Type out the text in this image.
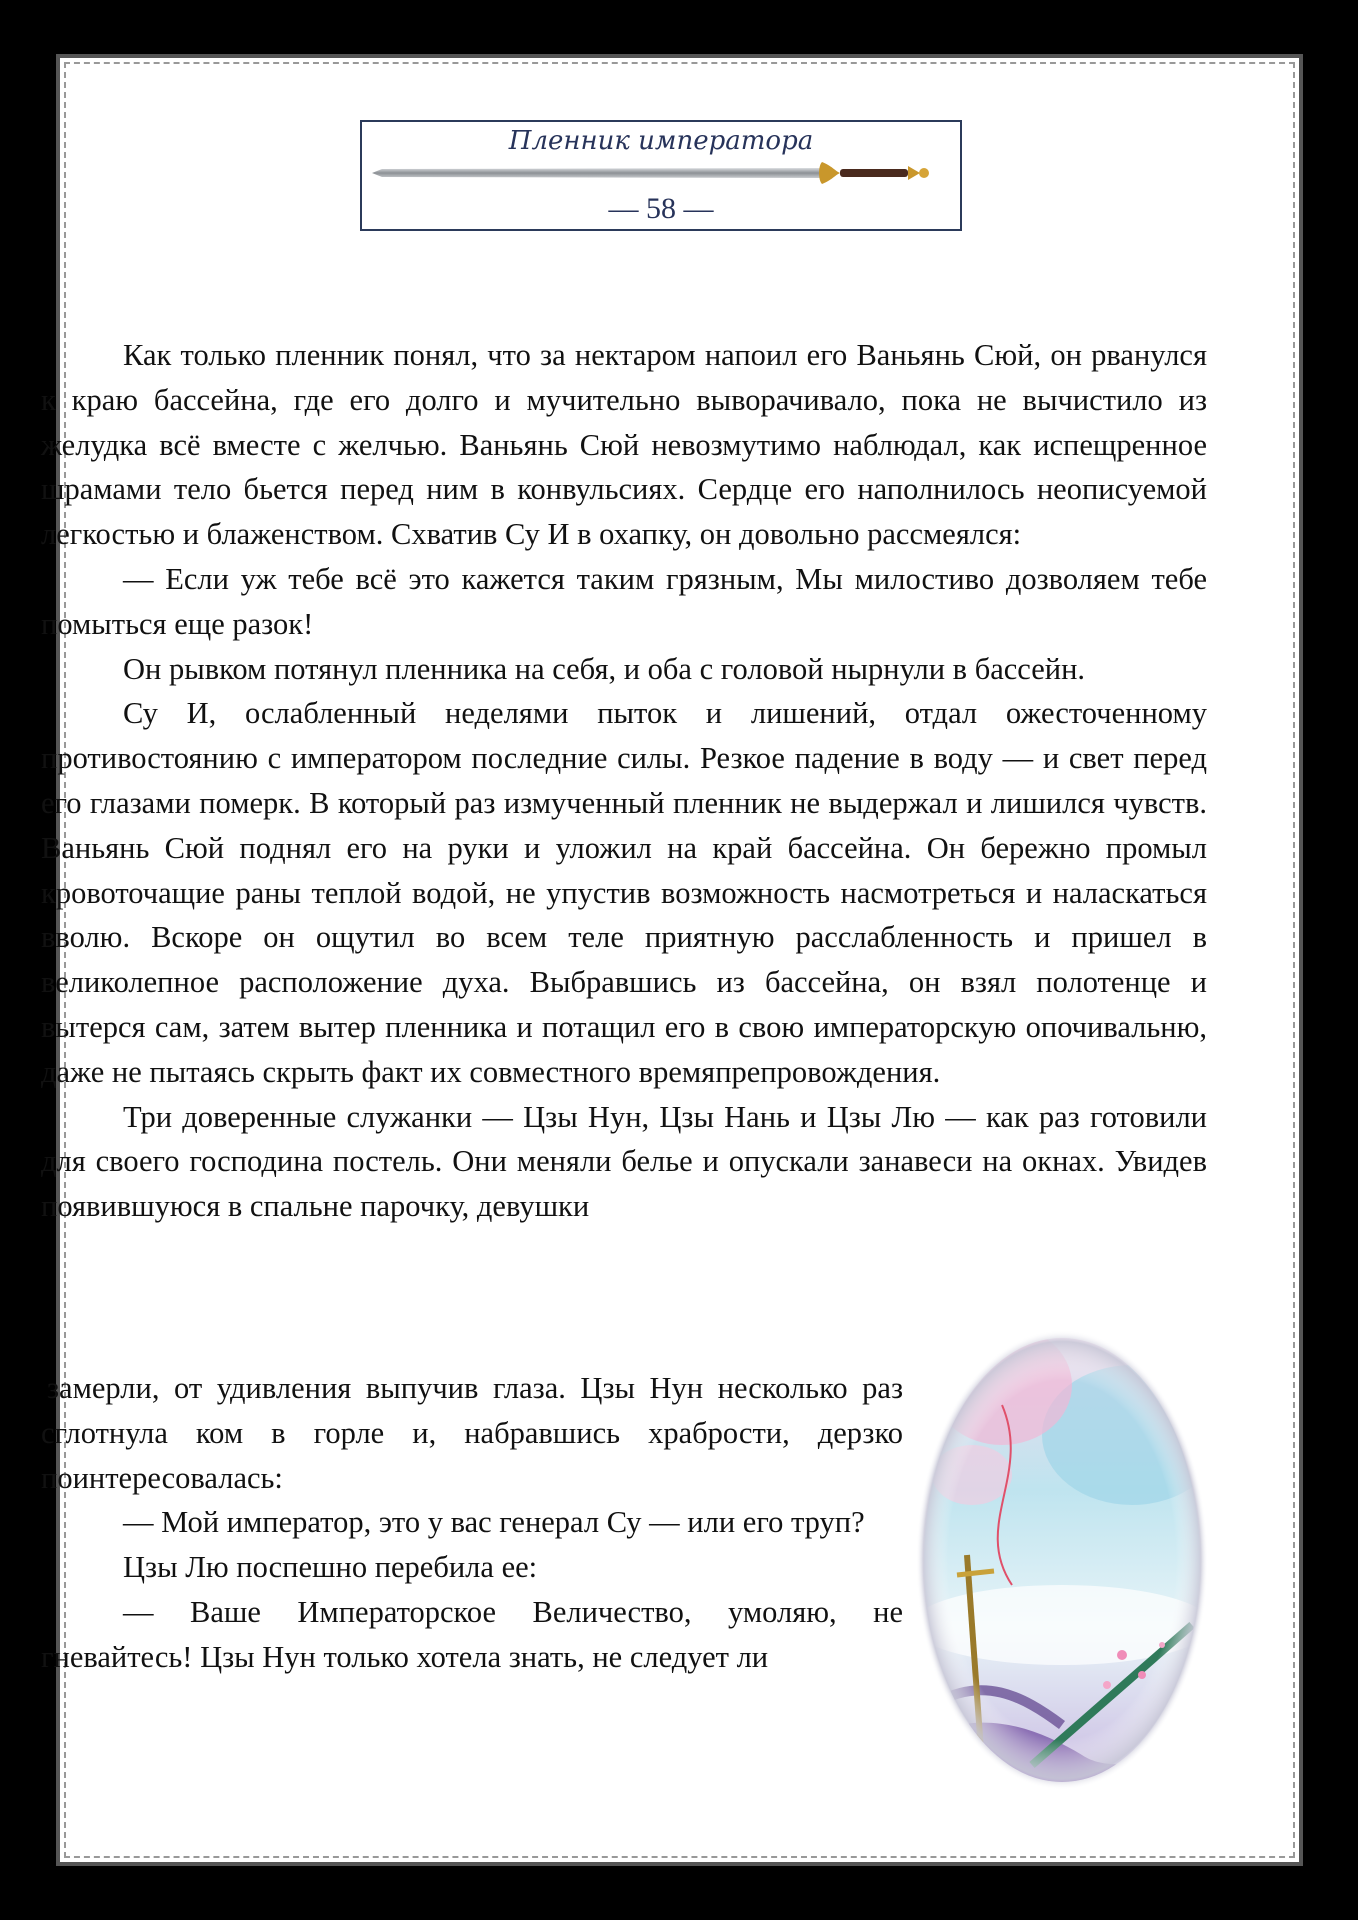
Пленник императора
— 58 —

Как только пленник понял, что за нектаром напоил его Ваньянь Сюй, он рванулся к краю бассейна, где его долго и мучительно выворачивало, пока не вычистило из желудка всё вместе с желчью. Ваньянь Сюй невозмутимо наблюдал, как испещренное шрамами тело бьется перед ним в конвульсиях. Сердце его наполнилось неописуемой легкостью и блаженством. Схватив Су И в охапку, он довольно рассмеялся:

— Если уж тебе всё это кажется таким грязным, Мы милостиво дозволяем тебе помыться еще разок!

Он рывком потянул пленника на себя, и оба с головой нырнули в бассейн.

Су И, ослабленный неделями пыток и лишений, отдал ожесточенному противостоянию с императором последние силы. Резкое падение в воду — и свет перед его глазами померк. В который раз измученный пленник не выдержал и лишился чувств. Ваньянь Сюй поднял его на руки и уложил на край бассейна. Он бережно промыл кровоточащие раны теплой водой, не упустив возможность насмотреться и наласкаться вволю. Вскоре он ощутил во всем теле приятную расслабленность и пришел в великолепное расположение духа. Выбравшись из бассейна, он взял полотенце и вытерся сам, затем вытер пленника и потащил его в свою императорскую опочивальню, даже не пытаясь скрыть факт их совместного времяпрепровождения.

Три доверенные служанки — Цзы Нун, Цзы Нань и Цзы Лю — как раз готовили для своего господина постель. Они меняли белье и опускали занавеси на окнах. Увидев появившуюся в спальне парочку, девушки

замерли, от удивления выпучив глаза. Цзы Нун несколько раз сглотнула ком в горле и, набравшись храбрости, дерзко поинтересовалась:

— Мой император, это у вас генерал Су — или его труп?

Цзы Лю поспешно перебила ее:

— Ваше Императорское Величество, умоляю, не гневайтесь! Цзы Нун только хотела знать, не следует ли
